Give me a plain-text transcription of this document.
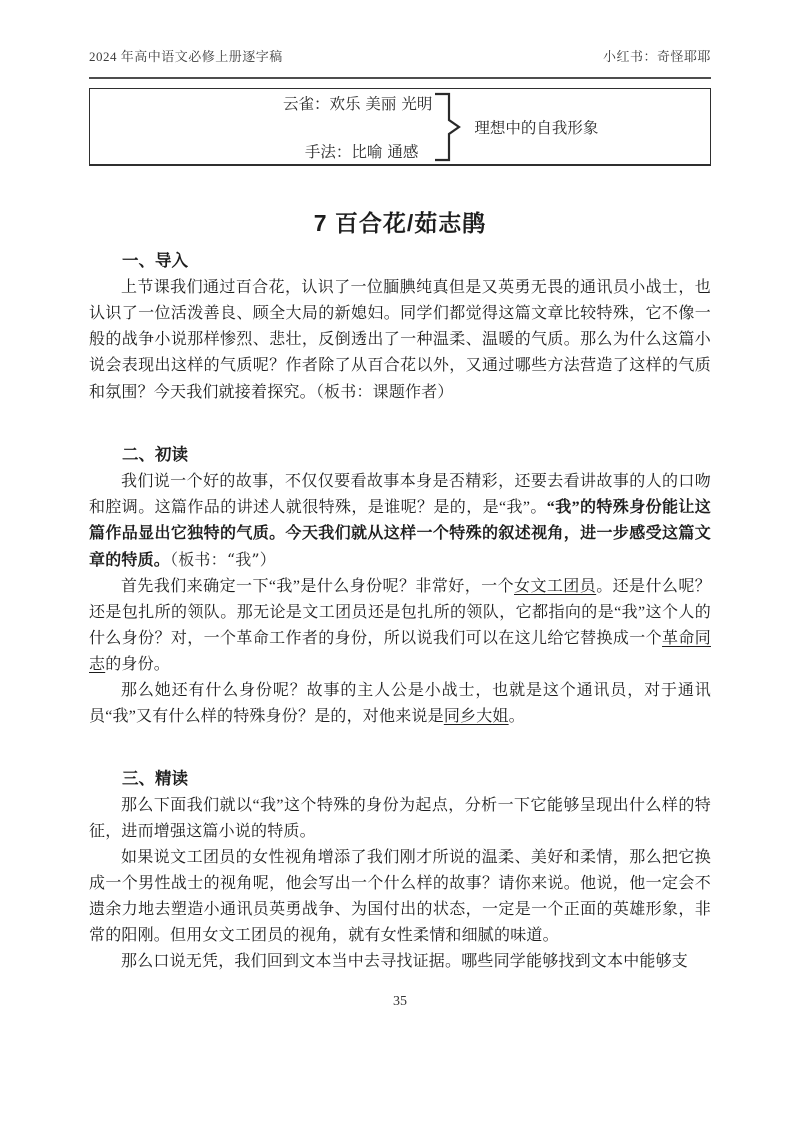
2024 年高中语文必修上册逐字稿	小红书：奇怪耶耶
云雀：欢乐 美丽 光明
手法：比喻 通感
理想中的自我形象
7 百合花/茹志鹃
一、导入

上节课我们通过百合花，认识了一位腼腆纯真但是又英勇无畏的通讯员小战士，也认识了一位活泼善良、顾全大局的新媳妇。同学们都觉得这篇文章比较特殊，它不像一般的战争小说那样惨烈、悲壮，反倒透出了一种温柔、温暖的气质。那么为什么这篇小说会表现出这样的气质呢？作者除了从百合花以外，又通过哪些方法营造了这样的气质和氛围？今天我们就接着探究。（板书：课题作者）

二、初读

我们说一个好的故事，不仅仅要看故事本身是否精彩，还要去看讲故事的人的口吻和腔调。这篇作品的讲述人就很特殊，是谁呢？是的，是“我”。“我”的特殊身份能让这篇作品显出它独特的气质。今天我们就从这样一个特殊的叙述视角，进一步感受这篇文章的特质。（板书：“我”）

首先我们来确定一下“我”是什么身份呢？非常好，一个女文工团员。还是什么呢？还是包扎所的领队。那无论是文工团员还是包扎所的领队，它都指向的是“我”这个人的什么身份？对，一个革命工作者的身份，所以说我们可以在这儿给它替换成一个革命同志的身份。

那么她还有什么身份呢？故事的主人公是小战士，也就是这个通讯员，对于通讯员“我”又有什么样的特殊身份？是的，对他来说是同乡大姐。

三、精读

那么下面我们就以“我”这个特殊的身份为起点，分析一下它能够呈现出什么样的特征，进而增强这篇小说的特质。

如果说文工团员的女性视角增添了我们刚才所说的温柔、美好和柔情，那么把它换成一个男性战士的视角呢，他会写出一个什么样的故事？请你来说。他说，他一定会不遗余力地去塑造小通讯员英勇战争、为国付出的状态，一定是一个正面的英雄形象，非常的阳刚。但用女文工团员的视角，就有女性柔情和细腻的味道。

那么口说无凭，我们回到文本当中去寻找证据。哪些同学能够找到文本中能够支

35
